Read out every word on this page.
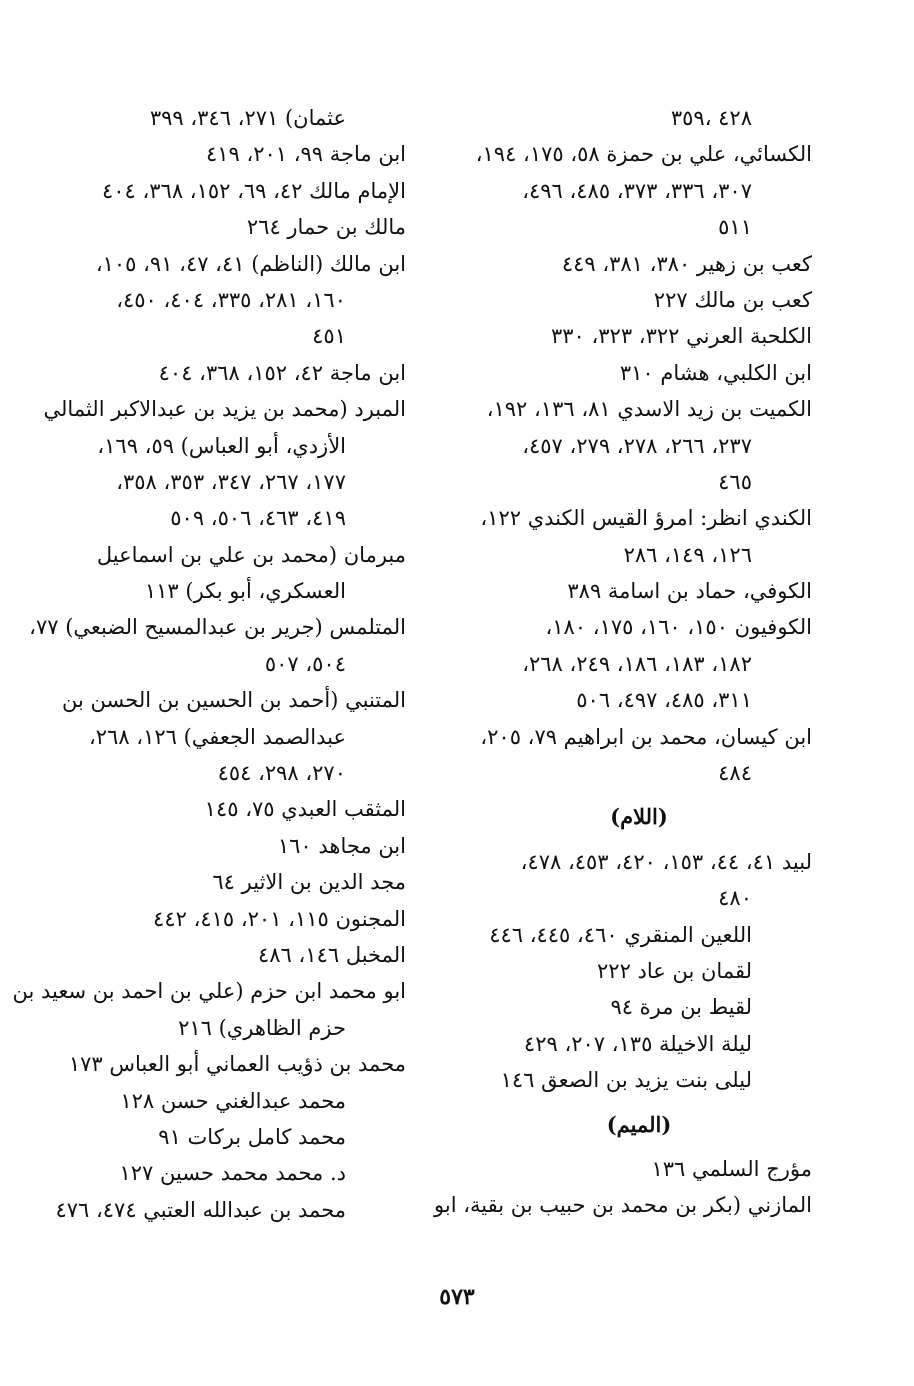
٤٢٨ ،٣٥٩
الكسائي، علي بن حمزة ٥٨، ١٧٥، ١٩٤،
٣٠٧، ٣٣٦، ٣٧٣، ٤٨٥، ٤٩٦،
٥١١
كعب بن زهير ٣٨٠، ٣٨١، ٤٤٩
كعب بن مالك ٢٢٧
الكلحبة العرني ٣٢٢، ٣٢٣، ٣٣٠
ابن الكلبي، هشام ٣١٠
الكميت بن زيد الاسدي ٨١، ١٣٦، ١٩٢،
٢٣٧، ٢٦٦، ٢٧٨، ٢٧٩، ٤٥٧،
٤٦٥
الكندي انظر: امرؤ القيس الكندي ١٢٢،
١٢٦، ١٤٩، ٢٨٦
الكوفي، حماد بن اسامة ٣٨٩
الكوفيون ١٥٠، ١٦٠، ١٧٥، ١٨٠،
١٨٢، ١٨٣، ١٨٦، ٢٤٩، ٢٦٨،
٣١١، ٤٨٥، ٤٩٧، ٥٠٦
ابن كيسان، محمد بن ابراهيم ٧٩، ٢٠٥،
٤٨٤
(اللام)
لبيد ٤١، ٤٤، ١٥٣، ٤٢٠، ٤٥٣، ٤٧٨،
٤٨٠
اللعين المنقري ٤٦٠، ٤٤٥، ٤٤٦
لقمان بن عاد ٢٢٢
لقيط بن مرة ٩٤
ليلة الاخيلة ١٣٥، ٢٠٧، ٤٢٩
ليلى بنت يزيد بن الصعق ١٤٦
(الميم)
مؤرج السلمي ١٣٦
المازني (بكر بن محمد بن حبيب بن بقية، ابو
عثمان) ٢٧١، ٣٤٦، ٣٩٩
ابن ماجة ٩٩، ٢٠١، ٤١٩
الإمام مالك ٤٢، ٦٩، ١٥٢، ٣٦٨، ٤٠٤
مالك بن حمار ٢٦٤
ابن مالك (الناظم) ٤١، ٤٧، ٩١، ١٠٥،
١٦٠، ٢٨١، ٣٣٥، ٤٠٤، ٤٥٠،
٤٥١
ابن ماجة ٤٢، ١٥٢، ٣٦٨، ٤٠٤
المبرد (محمد بن يزيد بن عبدالاكبر الثمالي
الأزدي، أبو العباس) ٥٩، ١٦٩،
١٧٧، ٢٦٧، ٣٤٧، ٣٥٣، ٣٥٨،
٤١٩، ٤٦٣، ٥٠٦، ٥٠٩
مبرمان (محمد بن علي بن اسماعيل
العسكري، أبو بكر) ١١٣
المتلمس (جرير بن عبدالمسيح الضبعي) ٧٧،
٥٠٤، ٥٠٧
المتنبي (أحمد بن الحسين بن الحسن بن
عبدالصمد الجعفي) ١٢٦، ٢٦٨،
٢٧٠، ٢٩٨، ٤٥٤
المثقب العبدي ٧٥، ١٤٥
ابن مجاهد ١٦٠
مجد الدين بن الاثير ٦٤
المجنون ١١٥، ٢٠١، ٤١٥، ٤٤٢
المخبل ١٤٦، ٤٨٦
ابو محمد ابن حزم (علي بن احمد بن سعيد بن
حزم الظاهري) ٢١٦
محمد بن ذؤيب العماني أبو العباس ١٧٣
محمد عبدالغني حسن ١٢٨
محمد كامل بركات ٩١
د. محمد محمد حسين ١٢٧
محمد بن عبدالله العتبي ٤٧٤، ٤٧٦
٥٧٣
